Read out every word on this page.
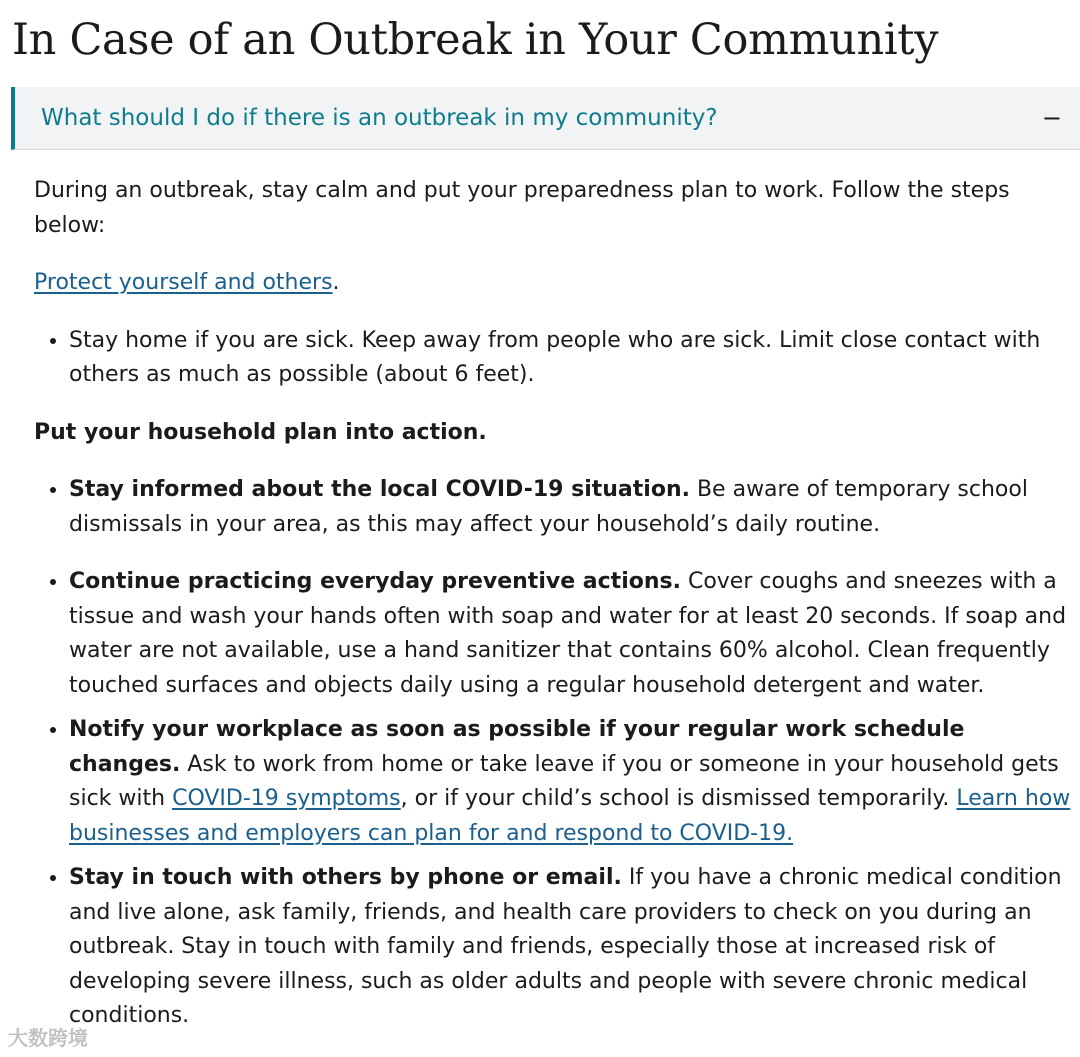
In Case of an Outbreak in Your Community
What should I do if there is an outbreak in my community?	−

During an outbreak, stay calm and put your preparedness plan to work. Follow the steps below:

Protect yourself and others.

• Stay home if you are sick. Keep away from people who are sick. Limit close contact with others as much as possible (about 6 feet).

Put your household plan into action.

• Stay informed about the local COVID-19 situation. Be aware of temporary school dismissals in your area, as this may affect your household’s daily routine.
• Continue practicing everyday preventive actions. Cover coughs and sneezes with a tissue and wash your hands often with soap and water for at least 20 seconds. If soap and water are not available, use a hand sanitizer that contains 60% alcohol. Clean frequently touched surfaces and objects daily using a regular household detergent and water.
• Notify your workplace as soon as possible if your regular work schedule changes. Ask to work from home or take leave if you or someone in your household gets sick with COVID-19 symptoms, or if your child’s school is dismissed temporarily. Learn how businesses and employers can plan for and respond to COVID-19.
• Stay in touch with others by phone or email. If you have a chronic medical condition and live alone, ask family, friends, and health care providers to check on you during an outbreak. Stay in touch with family and friends, especially those at increased risk of developing severe illness, such as older adults and people with severe chronic medical conditions.
大数跨境
